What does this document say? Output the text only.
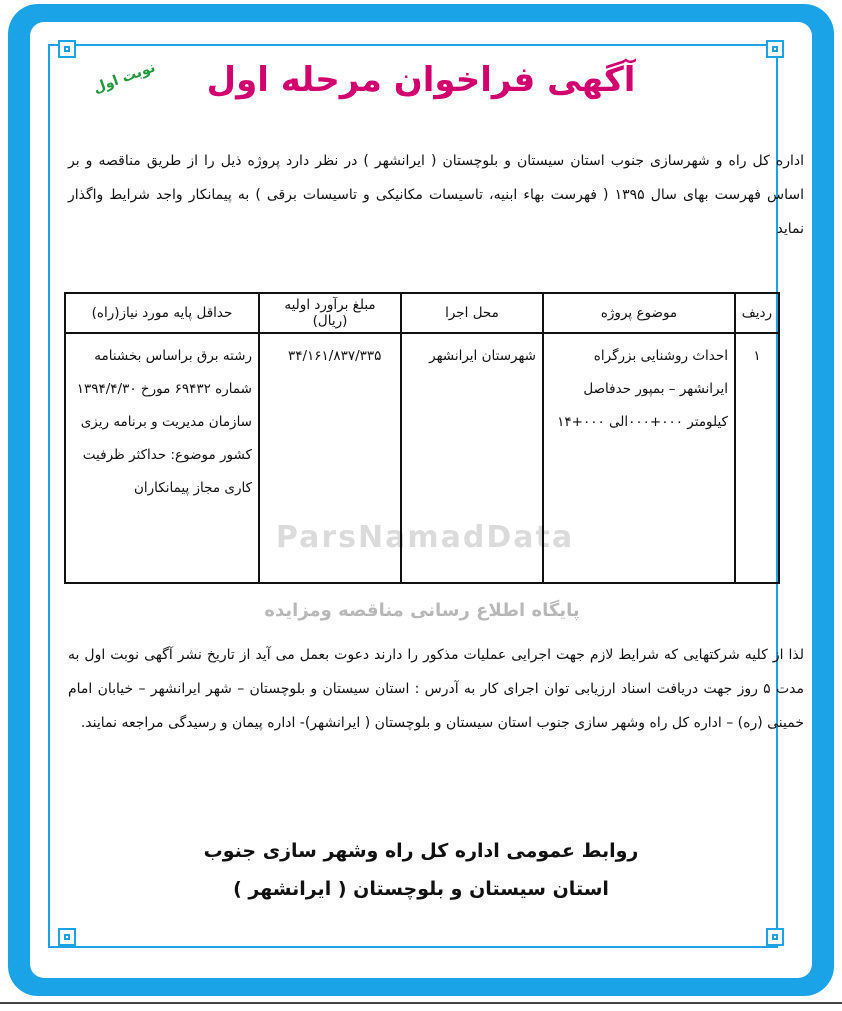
آگهی فراخوان مرحله اول
نوبت اول
اداره کل راه و شهرسازی جنوب استان سیستان و بلوچستان ( ایرانشهر ) در نظر دارد پروژه ذیل را از طریق مناقصه و بر اساس فهرست بهای سال ۱۳۹۵ ( فهرست بهاء ابنیه، تاسیسات مکانیکی و تاسیسات برقی ) به پیمانکار واجد شرایط واگذار نماید
ردیف	موضوع پروژه	محل اجرا	مبلغ برآورد اولیه (ریال)	حداقل پایه مورد نیاز(راه)
۱	احداث روشنایی بزرگراه ایرانشهر – بمپور حدفاصل کیلومتر ۰۰۰+۰۰۰الی ۰۰۰+۱۴	شهرستان ایرانشهر	۳۴/۱۶۱/۸۳۷/۳۳۵	رشته برق براساس بخشنامه شماره ۶۹۴۳۲ مورخ ۱۳۹۴/۴/۳۰ سازمان مدیریت و برنامه ریزی کشور موضوع: حداکثر ظرفیت کاری مجاز پیمانکاران
ParsNamadData
پایگاه اطلاع رسانی مناقصه ومزایده
لذا از کلیه شرکتهایی که شرایط لازم جهت اجرایی عملیات مذکور را دارند دعوت بعمل می آید از تاریخ نشر آگهی نوبت اول به مدت ۵ روز جهت دریافت اسناد ارزیابی توان اجرای کار به آدرس : استان سیستان و بلوچستان – شهر ایرانشهر – خیابان امام خمینی (ره) – اداره کل راه وشهر سازی جنوب استان سیستان و بلوچستان ( ایرانشهر)- اداره پیمان و رسیدگی مراجعه نمایند.
روابط عمومی اداره کل راه وشهر سازی جنوب
استان سیستان و بلوچستان ( ایرانشهر )
